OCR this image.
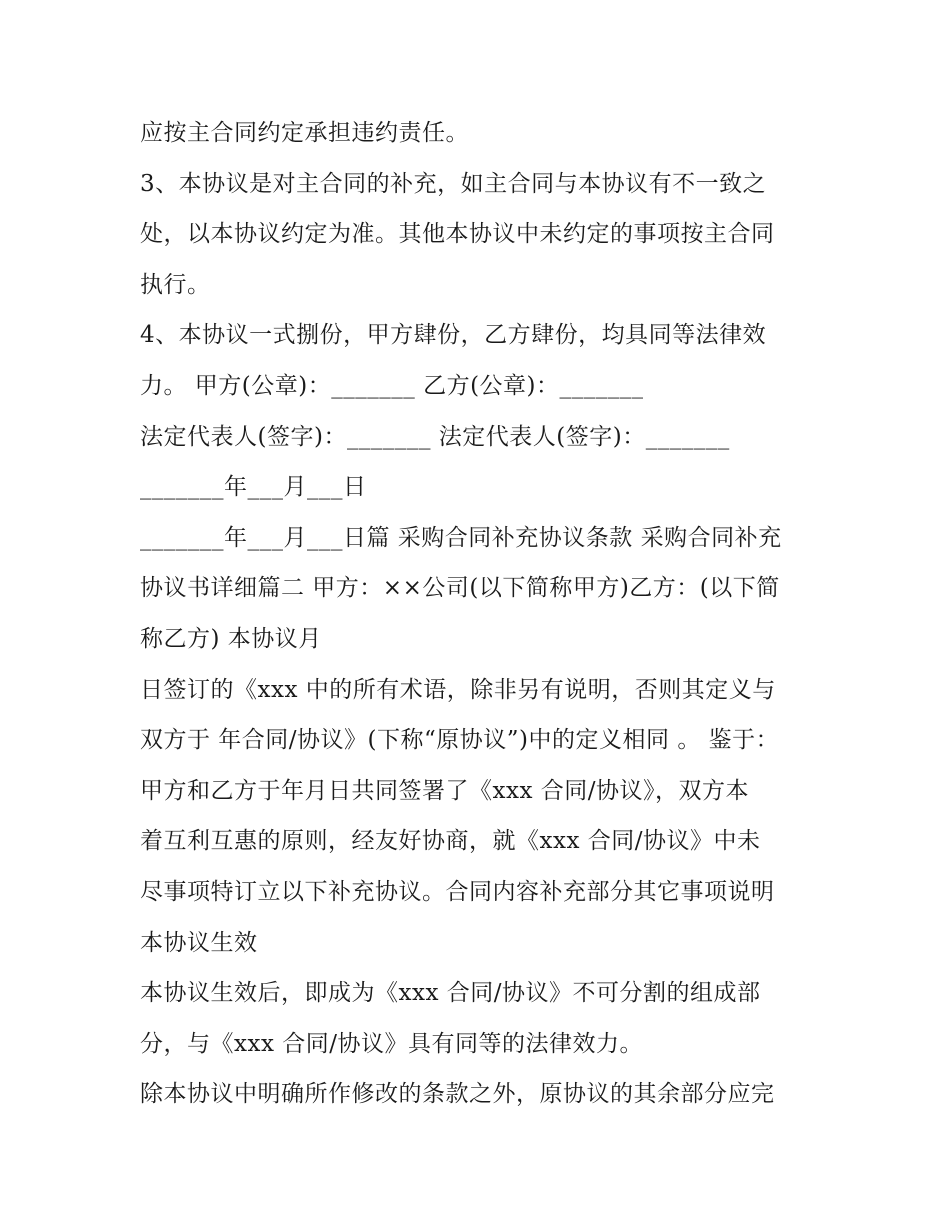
应按主合同约定承担违约责任。
3、本协议是对主合同的补充，如主合同与本协议有不一致之
处，以本协议约定为准。其他本协议中未约定的事项按主合同
执行。
4、本协议一式捌份，甲方肆份，乙方肆份，均具同等法律效
力。 甲方(公章)：_______ 乙方(公章)：_______
法定代表人(签字)：_______ 法定代表人(签字)：_______
_______年___月___日
_______年___月___日篇 采购合同补充协议条款 采购合同补充
协议书详细篇二 甲方：××公司(以下简称甲方)乙方：(以下简
称乙方) 本协议月
日签订的《xxx 中的所有术语，除非另有说明，否则其定义与
双方于 年合同/协议》(下称“原协议”)中的定义相同 。 鉴于：
甲方和乙方于年月日共同签署了《xxx 合同/协议》，双方本
着互利互惠的原则，经友好协商，就《xxx 合同/协议》中未
尽事项特订立以下补充协议。合同内容补充部分其它事项说明
本协议生效
本协议生效后，即成为《xxx 合同/协议》不可分割的组成部
分，与《xxx 合同/协议》具有同等的法律效力。
除本协议中明确所作修改的条款之外，原协议的其余部分应完
